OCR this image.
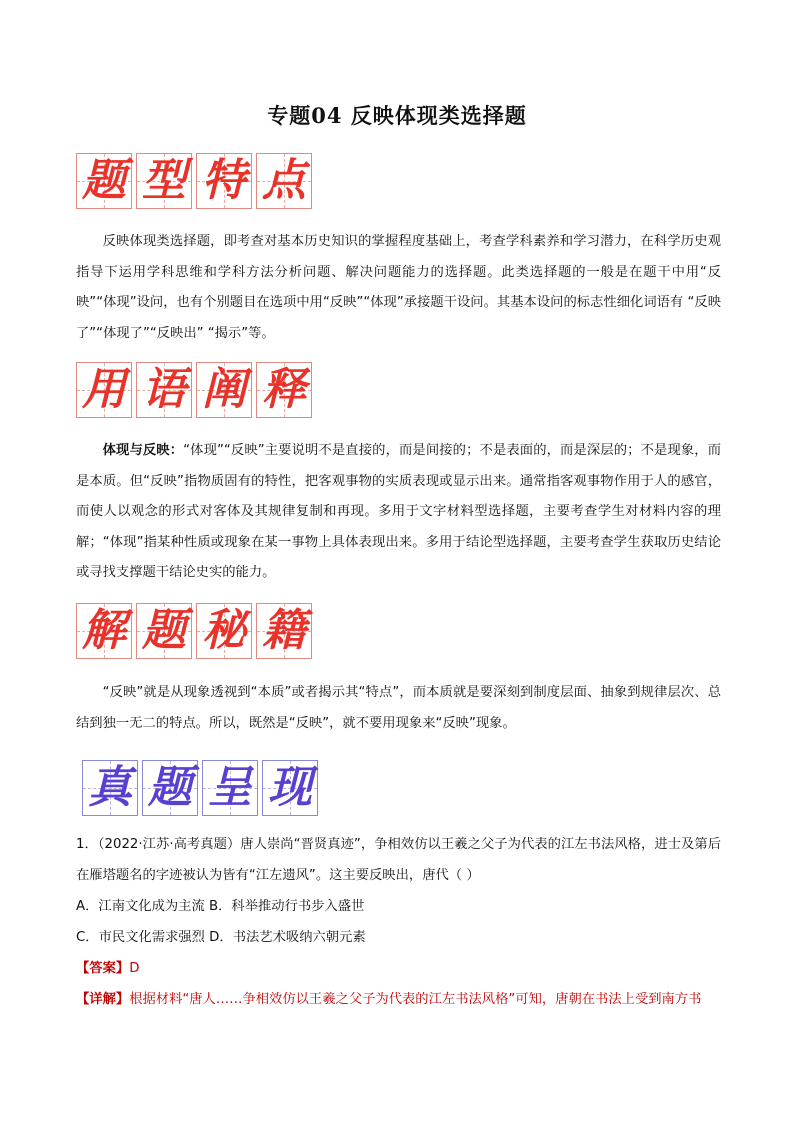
专题04 反映体现类选择题
题 型 特 点

反映体现类选择题，即考查对基本历史知识的掌握程度基础上，考查学科素养和学习潜力，在科学历史观指导下运用学科思维和学科方法分析问题、解决问题能力的选择题。此类选择题的一般是在题干中用“反映”“体现”设问，也有个别题目在选项中用“反映”“体现”承接题干设问。其基本设问的标志性细化词语有 “反映了”“体现了”“反映出” “揭示”等。

用 语 阐 释

体现与反映：“体现”“反映”主要说明不是直接的，而是间接的；不是表面的，而是深层的；不是现象，而是本质。但“反映”指物质固有的特性，把客观事物的实质表现或显示出来。通常指客观事物作用于人的感官，而使人以观念的形式对客体及其规律复制和再现。多用于文字材料型选择题，主要考查学生对材料内容的理解；“体现”指某种性质或现象在某一事物上具体表现出来。多用于结论型选择题，主要考查学生获取历史结论或寻找支撑题干结论史实的能力。

解 题 秘 籍

“反映”就是从现象透视到“本质”或者揭示其“特点”，而本质就是要深刻到制度层面、抽象到规律层次、总结到独一无二的特点。所以，既然是“反映”，就不要用现象来“反映”现象。

真 题 呈 现

1．（2022·江苏·高考真题）唐人崇尚“晋贤真迹”，争相效仿以王羲之父子为代表的江左书法风格，进士及第后在雁塔题名的字迹被认为皆有“江左遗风”。这主要反映出，唐代（ ）

A．江南文化成为主流 B．科举推动行书步入盛世

C．市民文化需求强烈 D．书法艺术吸纳六朝元素

【答案】D

【详解】根据材料“唐人……争相效仿以王羲之父子为代表的江左书法风格”可知，唐朝在书法上受到南方书
